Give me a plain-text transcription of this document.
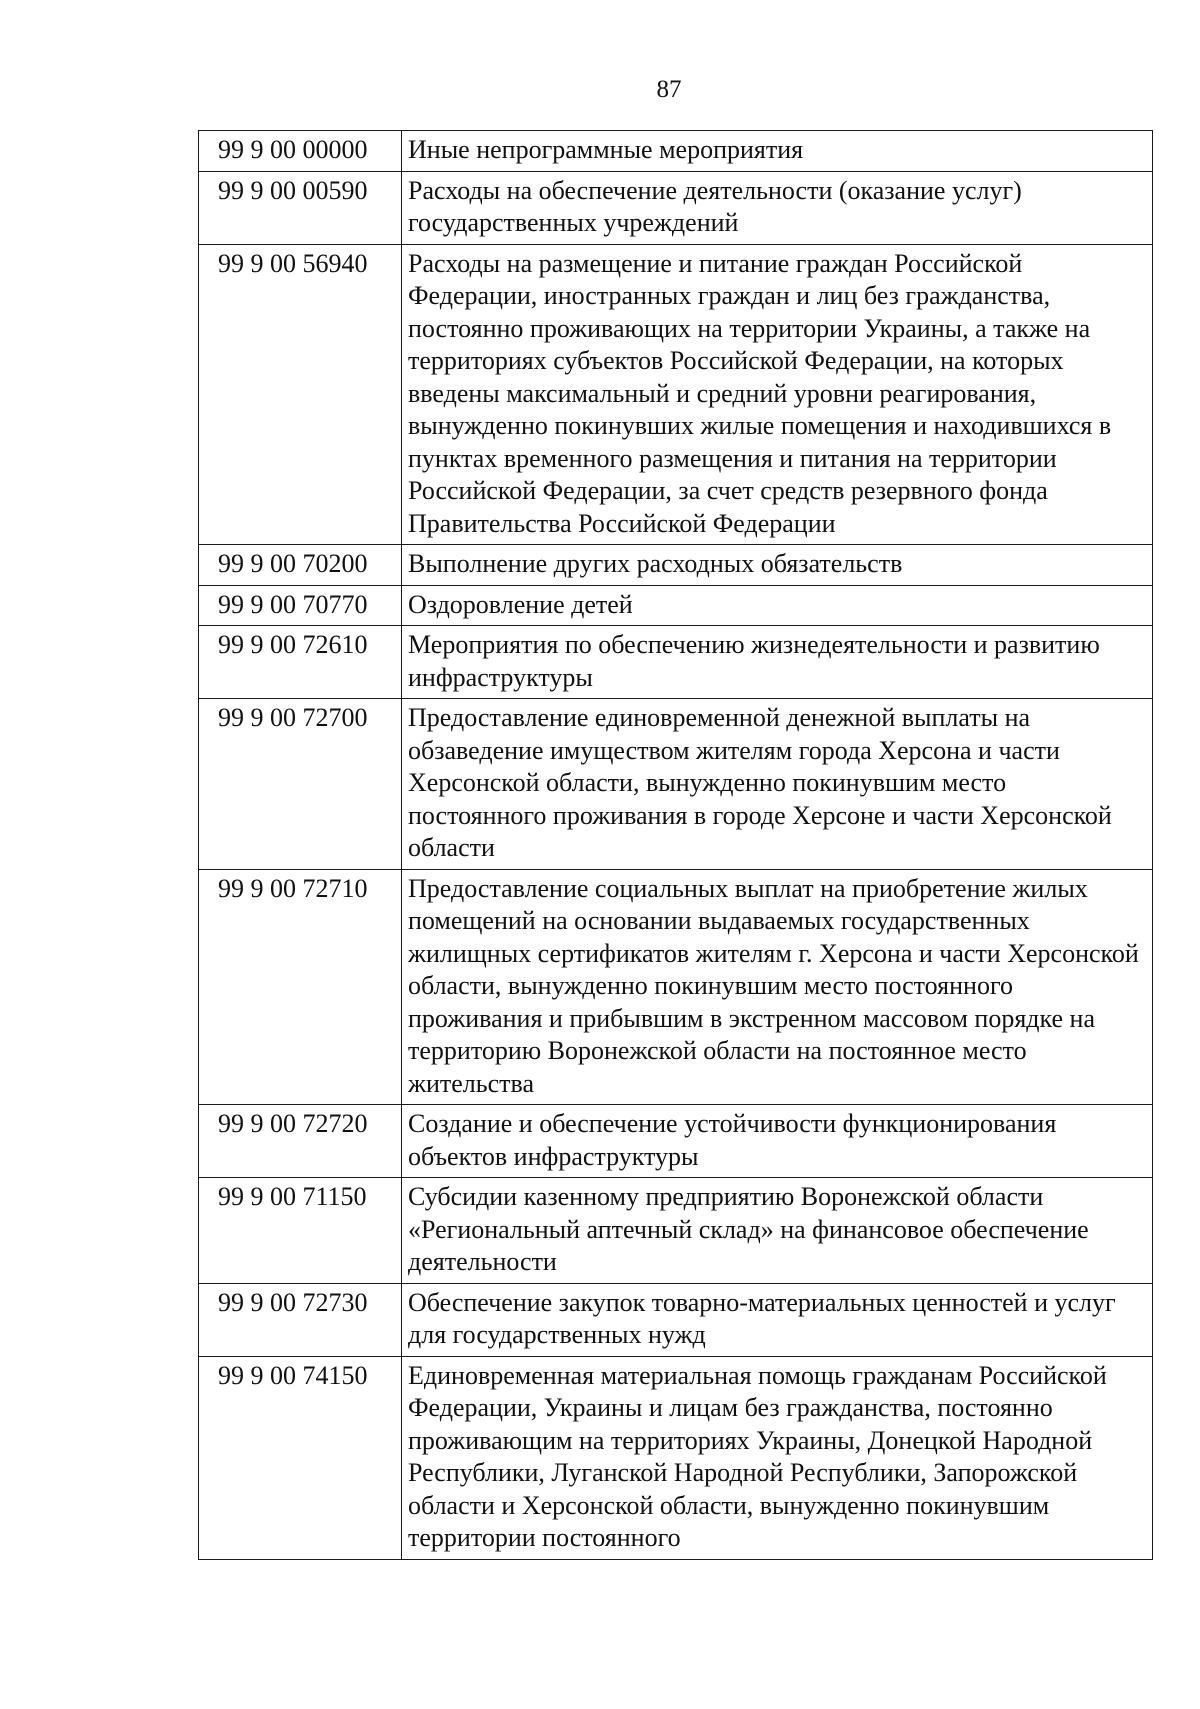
87
99 9 00 00000	Иные непрограммные мероприятия
99 9 00 00590	Расходы на обеспечение деятельности (оказание услуг) государственных учреждений
99 9 00 56940	Расходы на размещение и питание граждан Российской Федерации, иностранных граждан и лиц без гражданства, постоянно проживающих на территории Украины, а также на территориях субъектов Российской Федерации, на которых введены максимальный и средний уровни реагирования, вынужденно покинувших жилые помещения и находившихся в пунктах временного размещения и питания на территории Российской Федерации, за счет средств резервного фонда Правительства Российской Федерации
99 9 00 70200	Выполнение других расходных обязательств
99 9 00 70770	Оздоровление детей
99 9 00 72610	Мероприятия по обеспечению жизнедеятельности и развитию инфраструктуры
99 9 00 72700	Предоставление единовременной денежной выплаты на обзаведение имуществом жителям города Херсона и части Херсонской области, вынужденно покинувшим место постоянного проживания в городе Херсоне и части Херсонской области
99 9 00 72710	Предоставление социальных выплат на приобретение жилых помещений на основании выдаваемых государственных жилищных сертификатов жителям г. Херсона и части Херсонской области, вынужденно покинувшим место постоянного проживания и прибывшим в экстренном массовом порядке на территорию Воронежской области на постоянное место жительства
99 9 00 72720	Создание и обеспечение устойчивости функционирования объектов инфраструктуры
99 9 00 71150	Субсидии казенному предприятию Воронежской области «Региональный аптечный склад» на финансовое обеспечение деятельности
99 9 00 72730	Обеспечение закупок товарно-материальных ценностей и услуг для государственных нужд
99 9 00 74150	Единовременная материальная помощь гражданам Российской Федерации, Украины и лицам без гражданства, постоянно проживающим на территориях Украины, Донецкой Народной Республики, Луганской Народной Республики, Запорожской области и Херсонской области, вынужденно покинувшим территории постоянного
